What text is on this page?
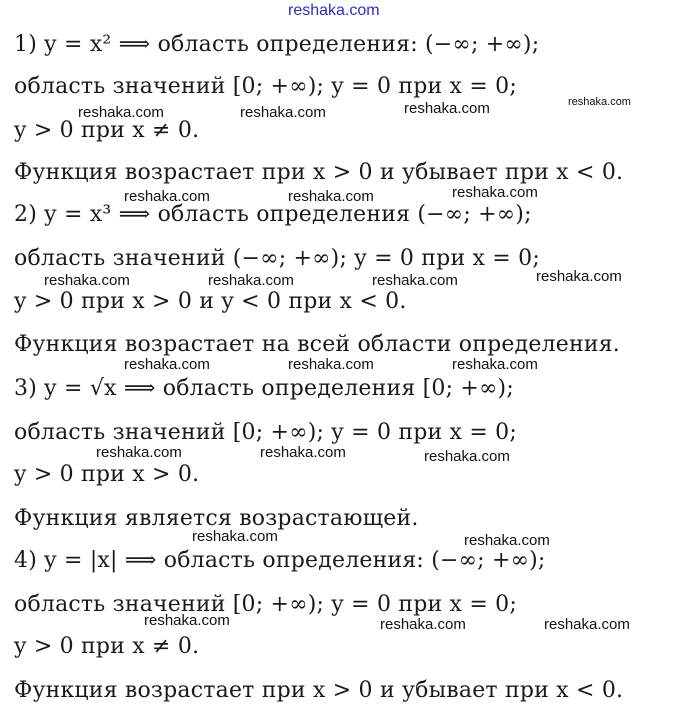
reshaka.com
1) y = x² ⟹ область определения: (−∞; +∞);
область значений [0; +∞); y = 0 при x = 0;
y > 0 при x ≠ 0.
Функция возрастает при x > 0 и убывает при x < 0.
2) y = x³ ⟹ область определения (−∞; +∞);
область значений (−∞; +∞); y = 0 при x = 0;
y > 0 при x > 0 и y < 0 при x < 0.
Функция возрастает на всей области определения.
3) y = √x ⟹ область определения [0; +∞);
область значений [0; +∞); y = 0 при x = 0;
y > 0 при x > 0.
Функция является возрастающей.
4) y = |x| ⟹ область определения: (−∞; +∞);
область значений [0; +∞); y = 0 при x = 0;
y > 0 при x ≠ 0.
Функция возрастает при x > 0 и убывает при x < 0.
reshaka.com	reshaka.com	reshaka.com	reshaka.com
reshaka.com	reshaka.com	reshaka.com
reshaka.com	reshaka.com	reshaka.com	reshaka.com
reshaka.com	reshaka.com	reshaka.com
reshaka.com	reshaka.com	reshaka.com
reshaka.com	reshaka.com
reshaka.com	reshaka.com	reshaka.com
